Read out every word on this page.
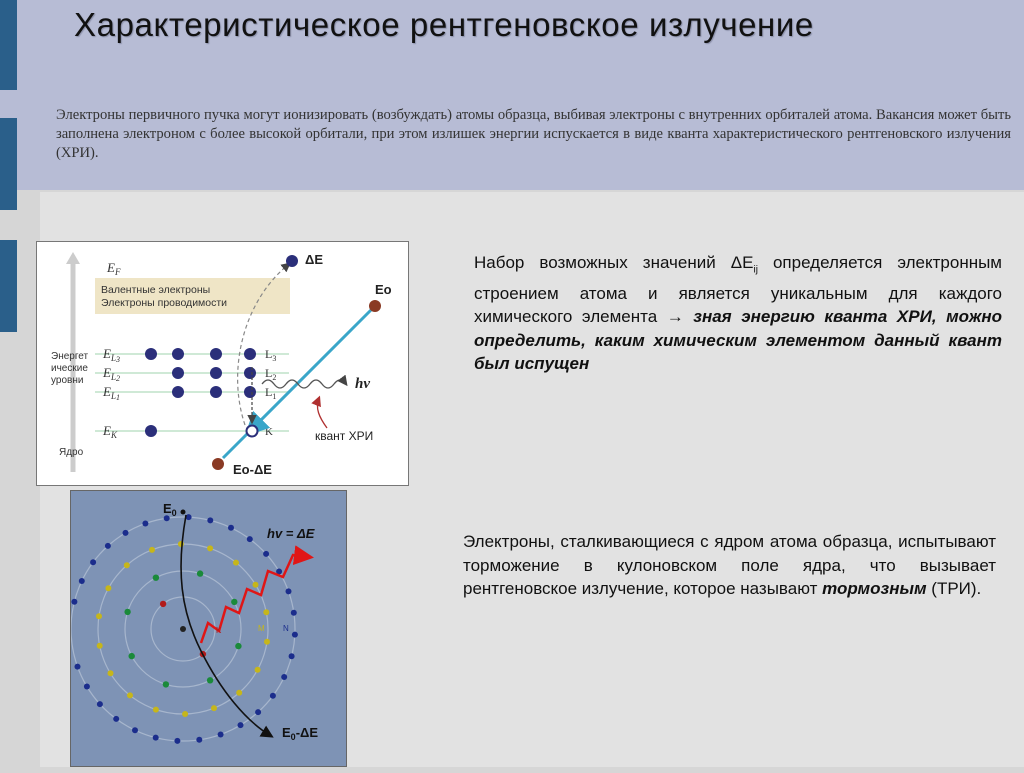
Характеристическое рентгеновское излучение
Электроны первичного пучка могут ионизировать (возбуждать) атомы образца, выбивая электроны с внутренних орбиталей атома. Вакансия может быть заполнена электроном с более высокой орбитали, при этом излишек энергии испускается в виде кванта характеристического рентгеновского излучения (ХРИ).
Энергет
ические
уровни
Ядро
$E_F$
Валентные электроны
Электроны проводимости
$E_L3$
$E_L2$
$E_L1$
$E_K$
$L_3$
$L_2$
$L_1$
K
Eo
Eo-ΔE
ΔE
hv
квант ХРИ
$E_0$
hv = ΔE
$E_0-\Delta E$
K	M N
Набор возможных значений $\Delta E_{ij}$ определяется электронным строением атома и является уникальным для каждого химического элемента → зная энергию кванта ХРИ, можно определить, каким химическим элементом данный квант был испущен
Электроны, сталкивающиеся с ядром атома образца, испытывают торможение в кулоновском поле ядра, что вызывает рентгеновское излучение, которое называют тормозным (ТРИ).
